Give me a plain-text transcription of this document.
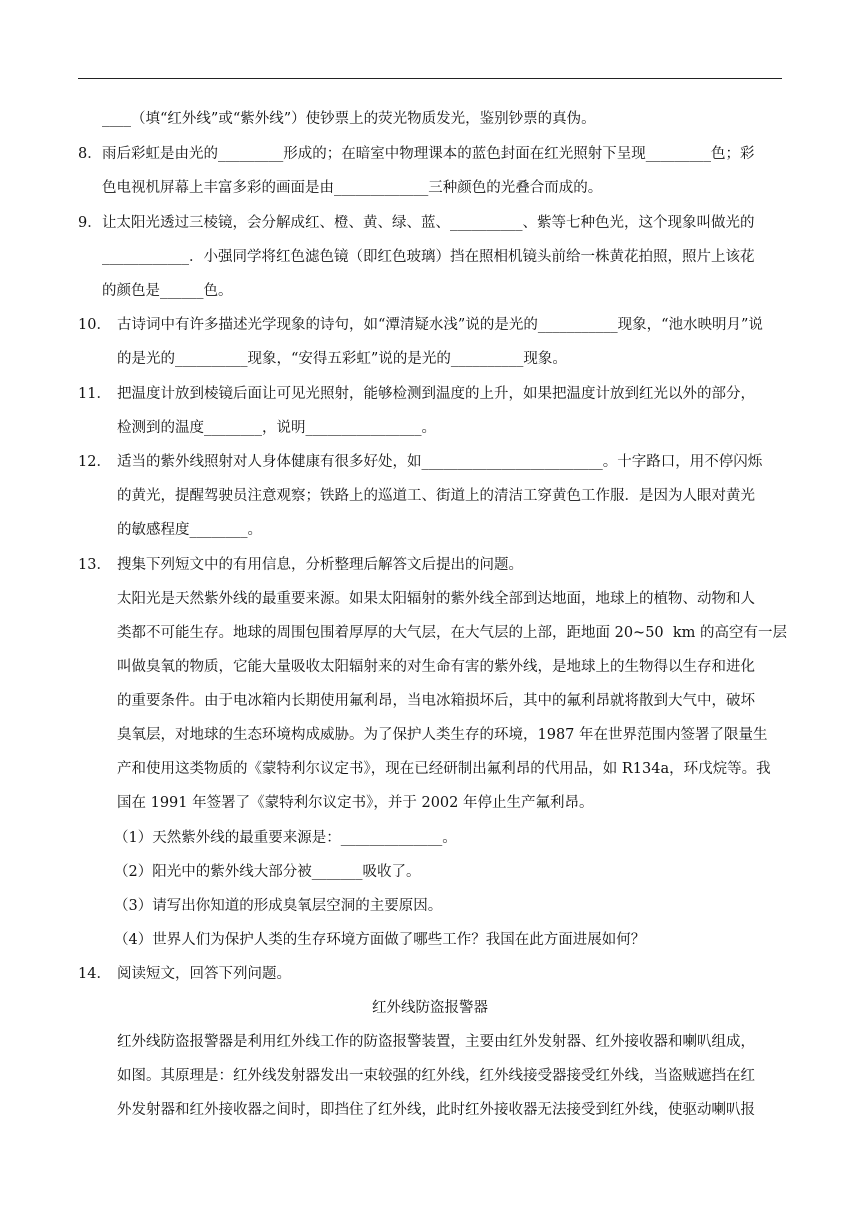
____（填“红外线”或“紫外线”）使钞票上的荧光物质发光，鉴别钞票的真伪。
8． 雨后彩虹是由光的_________形成的；在暗室中物理课本的蓝色封面在红光照射下呈现_________色；彩
色电视机屏幕上丰富多彩的画面是由_____________三种颜色的光叠合而成的。
9． 让太阳光透过三棱镜，会分解成红、橙、黄、绿、蓝、__________、紫等七种色光，这个现象叫做光的
____________．小强同学将红色滤色镜（即红色玻璃）挡在照相机镜头前给一株黄花拍照，照片上该花
的颜色是______色。
10． 古诗词中有许多描述光学现象的诗句，如“潭清疑水浅”说的是光的___________现象，“池水映明月”说
的是光的__________现象，“安得五彩虹”说的是光的__________现象。
11． 把温度计放到棱镜后面让可见光照射，能够检测到温度的上升，如果把温度计放到红光以外的部分，
检测到的温度________，说明________________。
12． 适当的紫外线照射对人身体健康有很多好处，如_________________________。十字路口，用不停闪烁
的黄光，提醒驾驶员注意观察；铁路上的巡道工、街道上的清洁工穿黄色工作服．是因为人眼对黄光
的敏感程度________。
13． 搜集下列短文中的有用信息，分析整理后解答文后提出的问题。
太阳光是天然紫外线的最重要来源。如果太阳辐射的紫外线全部到达地面，地球上的植物、动物和人
类都不可能生存。地球的周围包围着厚厚的大气层，在大气层的上部，距地面 20~50  km 的高空有一层
叫做臭氧的物质，它能大量吸收太阳辐射来的对生命有害的紫外线，是地球上的生物得以生存和进化
的重要条件。由于电冰箱内长期使用氟利昂，当电冰箱损坏后，其中的氟利昂就将散到大气中，破坏
臭氧层，对地球的生态环境构成威胁。为了保护人类生存的环境，1987 年在世界范围内签署了限量生
产和使用这类物质的《蒙特利尔议定书》，现在已经研制出氟利昂的代用品，如 R134a，环戊烷等。我
国在 1991 年签署了《蒙特利尔议定书》，并于 2002 年停止生产氟利昂。
（1）天然紫外线的最重要来源是：______________。
（2）阳光中的紫外线大部分被_______吸收了。
（3）请写出你知道的形成臭氧层空洞的主要原因。
（4）世界人们为保护人类的生存环境方面做了哪些工作？我国在此方面进展如何？
14． 阅读短文，回答下列问题。
红外线防盗报警器
红外线防盗报警器是利用红外线工作的防盗报警装置，主要由红外发射器、红外接收器和喇叭组成，
如图。其原理是：红外线发射器发出一束较强的红外线，红外线接受器接受红外线，当盗贼遮挡在红
外发射器和红外接收器之间时，即挡住了红外线，此时红外接收器无法接受到红外线，使驱动喇叭报
